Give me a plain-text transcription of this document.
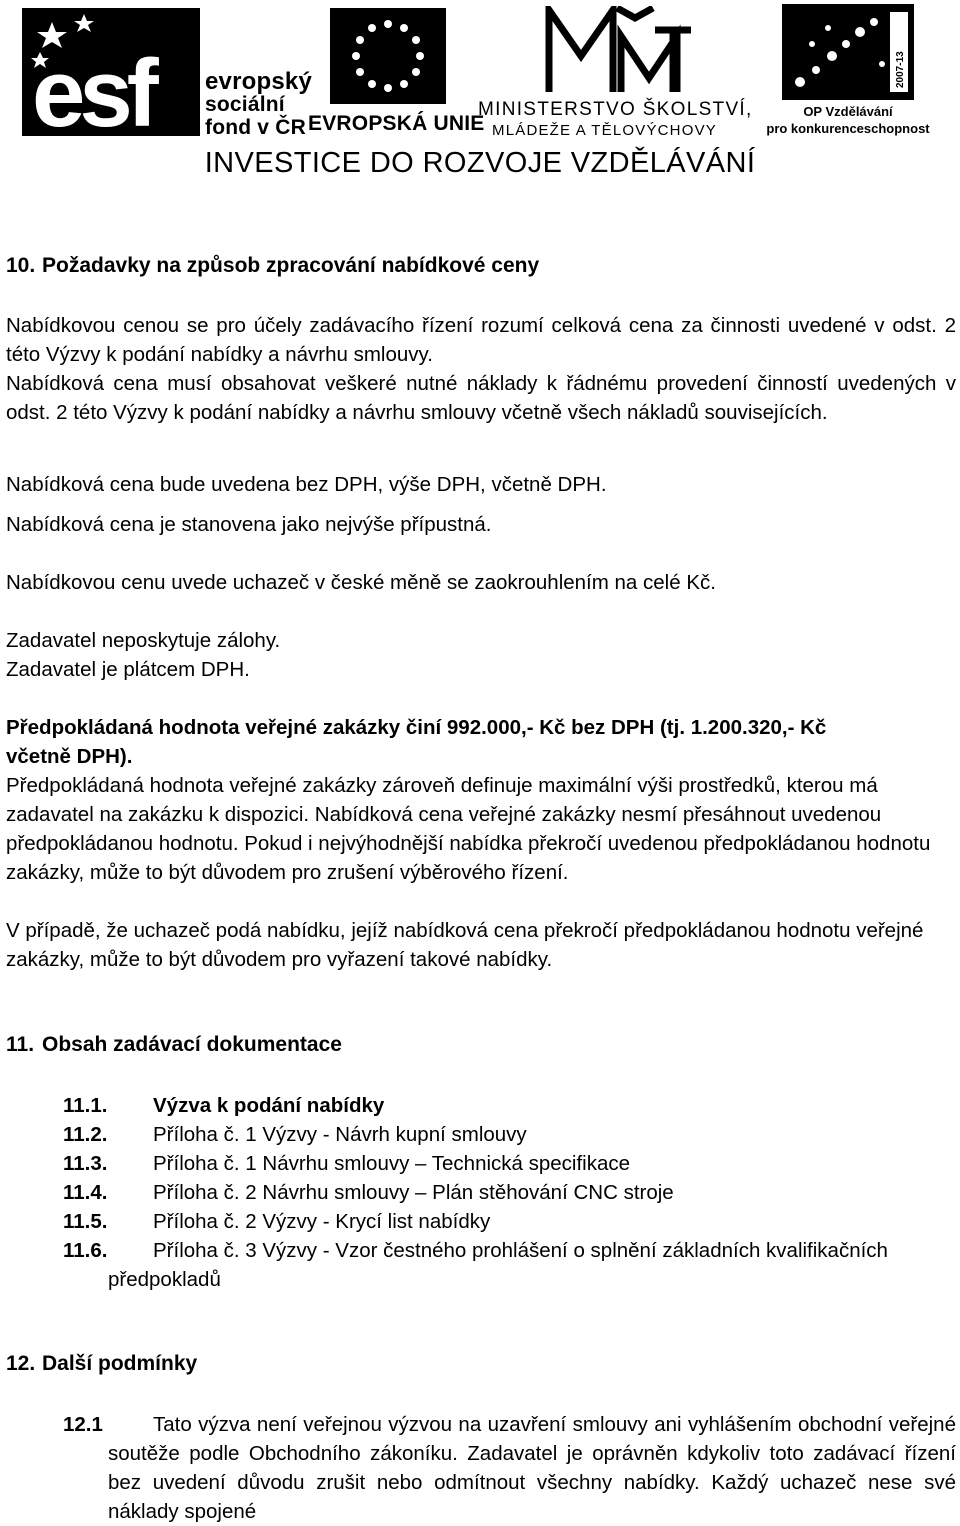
esf evropský
sociální
fond v ČR EVROPSKÁ UNIE
MINISTERSTVO ŠKOLSTVÍ,
MLÁDEŽE A TĚLOVÝCHOVY
2007-13
OP Vzdělávání
pro konkurenceschopnost
INVESTICE DO ROZVOJE VZDĚLÁVÁNÍ
10. Požadavky na způsob zpracování nabídkové ceny
Nabídkovou cenou se pro účely zadávacího řízení rozumí celková cena za činnosti uvedené v odst. 2 této Výzvy k podání nabídky a návrhu smlouvy.
Nabídková cena musí obsahovat veškeré nutné náklady k řádnému provedení činností uvedených v odst. 2 této Výzvy k podání nabídky a návrhu smlouvy včetně všech nákladů souvisejících.
Nabídková cena bude uvedena bez DPH, výše DPH, včetně DPH.
Nabídková cena je stanovena jako nejvýše přípustná.
Nabídkovou cenu uvede uchazeč v české měně se zaokrouhlením na celé Kč.
Zadavatel neposkytuje zálohy.
Zadavatel je plátcem DPH.
Předpokládaná hodnota veřejné zakázky činí 992.000,- Kč bez DPH (tj. 1.200.320,- Kč včetně DPH).
Předpokládaná hodnota veřejné zakázky zároveň definuje maximální výši prostředků, kterou má zadavatel na zakázku k dispozici. Nabídková cena veřejné zakázky nesmí přesáhnout uvedenou předpokládanou hodnotu. Pokud i nejvýhodnější nabídka překročí uvedenou předpokládanou hodnotu zakázky, může to být důvodem pro zrušení výběrového řízení.
V případě, že uchazeč podá nabídku, jejíž nabídková cena překročí předpokládanou hodnotu veřejné zakázky, může to být důvodem pro vyřazení takové nabídky.
11. Obsah zadávací dokumentace
11.1.	Výzva k podání nabídky
11.2.	Příloha č. 1 Výzvy - Návrh kupní smlouvy
11.3.	Příloha č. 1 Návrhu smlouvy – Technická specifikace
11.4.	Příloha č. 2 Návrhu smlouvy – Plán stěhování CNC stroje
11.5.	Příloha č. 2 Výzvy - Krycí list nabídky
11.6. Příloha č. 3 Výzvy - Vzor čestného prohlášení o splnění základních kvalifikačních předpokladů
12. Další podmínky
12.1 Tato výzva není veřejnou výzvou na uzavření smlouvy ani vyhlášením obchodní veřejné soutěže podle Obchodního zákoníku. Zadavatel je oprávněn kdykoliv toto zadávací řízení bez uvedení důvodu zrušit nebo odmítnout všechny nabídky. Každý uchazeč nese své náklady spojené
